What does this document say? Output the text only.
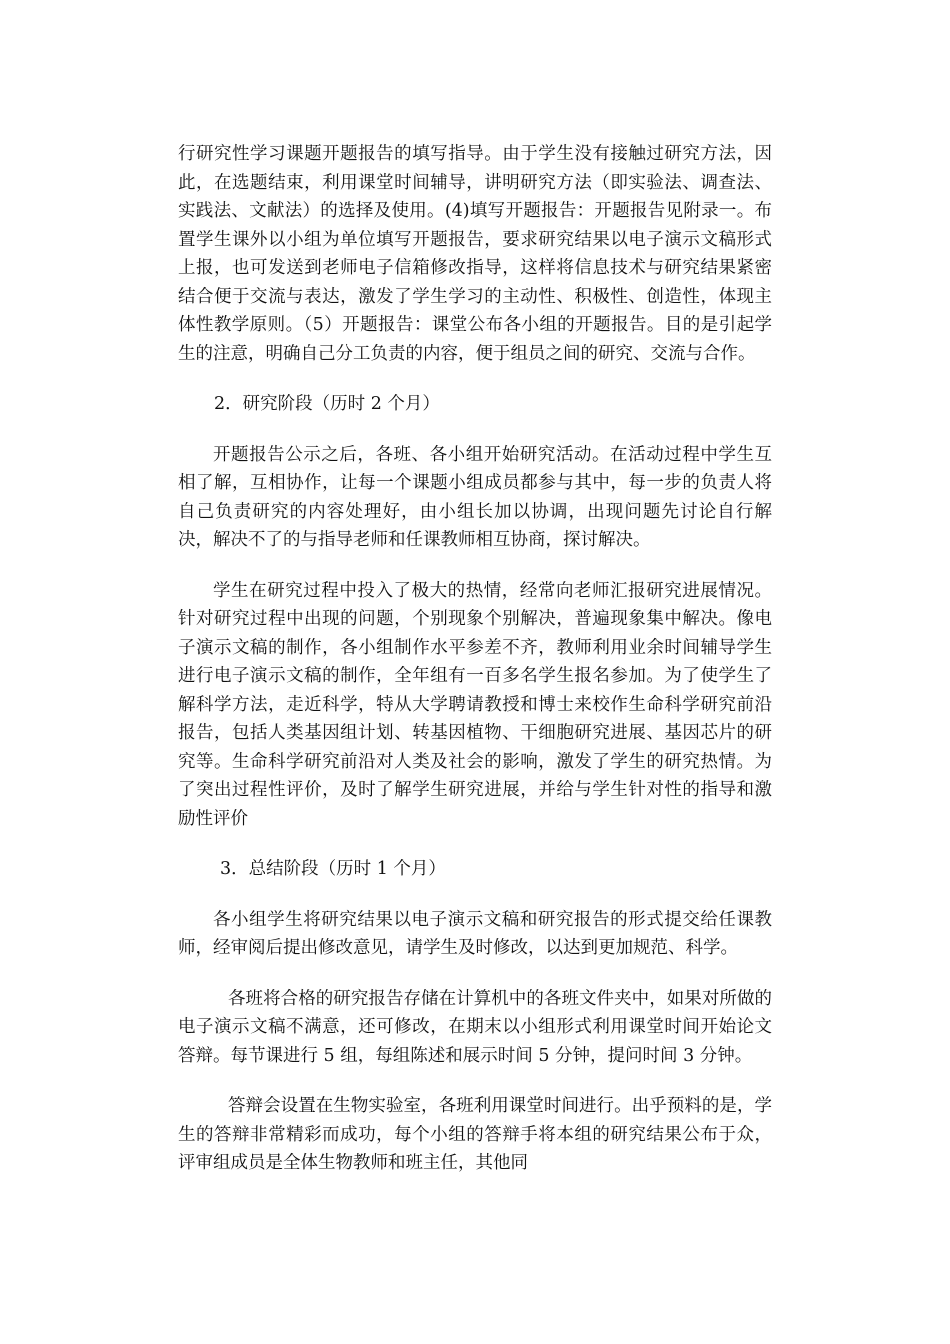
行研究性学习课题开题报告的填写指导。由于学生没有接触过研究方法，因此，在选题结束，利用课堂时间辅导，讲明研究方法（即实验法、调查法、实践法、文献法）的选择及使用。(4)填写开题报告：开题报告见附录一。布置学生课外以小组为单位填写开题报告，要求研究结果以电子演示文稿形式上报，也可发送到老师电子信箱修改指导，这样将信息技术与研究结果紧密结合便于交流与表达，激发了学生学习的主动性、积极性、创造性，体现主体性教学原则。（5）开题报告：课堂公布各小组的开题报告。目的是引起学生的注意，明确自己分工负责的内容，便于组员之间的研究、交流与合作。

2．研究阶段（历时 2 个月）

开题报告公示之后，各班、各小组开始研究活动。在活动过程中学生互相了解，互相协作，让每一个课题小组成员都参与其中，每一步的负责人将自己负责研究的内容处理好，由小组长加以协调，出现问题先讨论自行解决，解决不了的与指导老师和任课教师相互协商，探讨解决。

学生在研究过程中投入了极大的热情，经常向老师汇报研究进展情况。针对研究过程中出现的问题，个别现象个别解决，普遍现象集中解决。像电子演示文稿的制作，各小组制作水平参差不齐，教师利用业余时间辅导学生进行电子演示文稿的制作，全年组有一百多名学生报名参加。为了使学生了解科学方法，走近科学，特从大学聘请教授和博士来校作生命科学研究前沿报告，包括人类基因组计划、转基因植物、干细胞研究进展、基因芯片的研究等。生命科学研究前沿对人类及社会的影响，激发了学生的研究热情。为了突出过程性评价，及时了解学生研究进展，并给与学生针对性的指导和激励性评价

3．总结阶段（历时 1 个月）

各小组学生将研究结果以电子演示文稿和研究报告的形式提交给任课教师，经审阅后提出修改意见，请学生及时修改，以达到更加规范、科学。

各班将合格的研究报告存储在计算机中的各班文件夹中，如果对所做的电子演示文稿不满意，还可修改，在期末以小组形式利用课堂时间开始论文答辩。每节课进行 5 组，每组陈述和展示时间 5 分钟，提问时间 3 分钟。

答辩会设置在生物实验室，各班利用课堂时间进行。出乎预料的是，学生的答辩非常精彩而成功，每个小组的答辩手将本组的研究结果公布于众，评审组成员是全体生物教师和班主任，其他同
